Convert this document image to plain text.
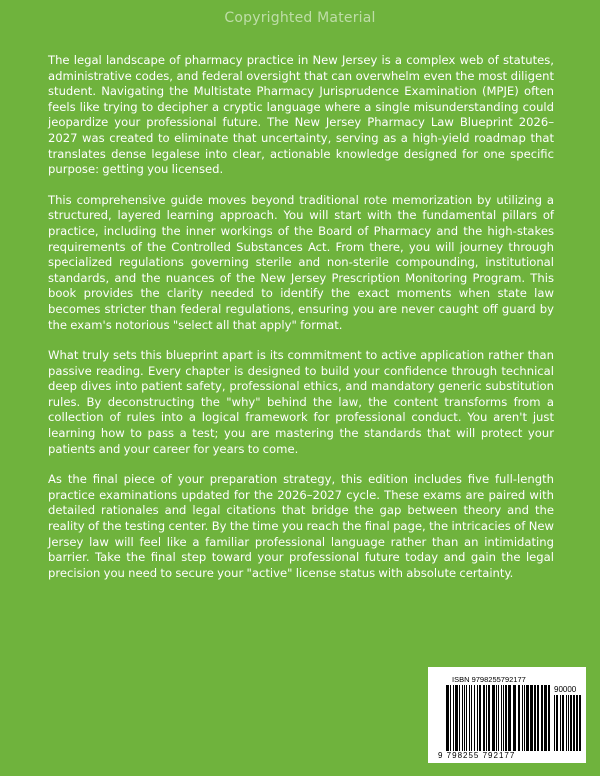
Copyrighted Material

The legal landscape of pharmacy practice in New Jersey is a complex web of statutes, administrative codes, and federal oversight that can overwhelm even the most diligent student. Navigating the Multistate Pharmacy Jurisprudence Examination (MPJE) often feels like trying to decipher a cryptic language where a single misunderstanding could jeopardize your professional future. The New Jersey Pharmacy Law Blueprint 2026–2027 was created to eliminate that uncertainty, serving as a high-yield roadmap that translates dense legalese into clear, actionable knowledge designed for one specific purpose: getting you licensed.

This comprehensive guide moves beyond traditional rote memorization by utilizing a structured, layered learning approach. You will start with the fundamental pillars of practice, including the inner workings of the Board of Pharmacy and the high-stakes requirements of the Controlled Substances Act. From there, you will journey through specialized regulations governing sterile and non-sterile compounding, institutional standards, and the nuances of the New Jersey Prescription Monitoring Program. This book provides the clarity needed to identify the exact moments when state law becomes stricter than federal regulations, ensuring you are never caught off guard by the exam's notorious "select all that apply" format.

What truly sets this blueprint apart is its commitment to active application rather than passive reading. Every chapter is designed to build your confidence through technical deep dives into patient safety, professional ethics, and mandatory generic substitution rules. By deconstructing the "why" behind the law, the content transforms from a collection of rules into a logical framework for professional conduct. You aren't just learning how to pass a test; you are mastering the standards that will protect your patients and your career for years to come.

As the final piece of your preparation strategy, this edition includes five full-length practice examinations updated for the 2026–2027 cycle. These exams are paired with detailed rationales and legal citations that bridge the gap between theory and the reality of the testing center. By the time you reach the final page, the intricacies of New Jersey law will feel like a familiar professional language rather than an intimidating barrier. Take the final step toward your professional future today and gain the legal precision you need to secure your "active" license status with absolute certainty.

ISBN 9798255792177
90000
9 798255 792177
